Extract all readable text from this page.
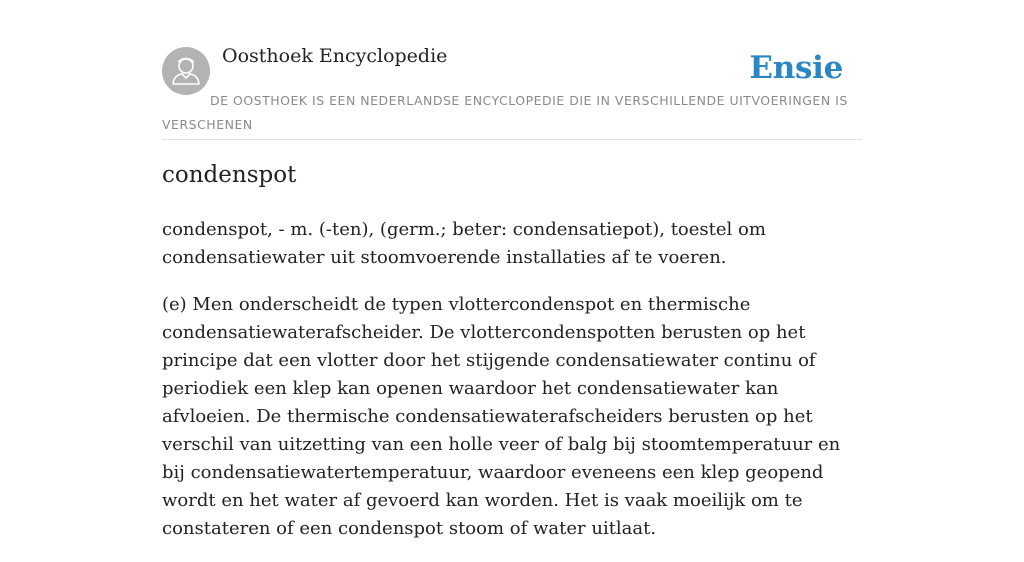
Oosthoek Encyclopedie	Ensie
DE OOSTHOEK IS EEN NEDERLANDSE ENCYCLOPEDIE DIE IN VERSCHILLENDE UITVOERINGEN IS VERSCHENEN
condenspot

condenspot, - m. (-ten), (germ.; beter: condensatiepot), toestel om condensatiewater uit stoomvoerende installaties af te voeren.

(e) Men onderscheidt de typen vlottercondenspot en thermische condensatiewaterafscheider. De vlottercondenspotten berusten op het principe dat een vlotter door het stijgende condensatiewater continu of periodiek een klep kan openen waardoor het condensatiewater kan afvloeien. De thermische condensatiewaterafscheiders berusten op het verschil van uitzetting van een holle veer of balg bij stoomtemperatuur en bij condensatiewatertemperatuur, waardoor eveneens een klep geopend wordt en het water af gevoerd kan worden. Het is vaak moeilijk om te constateren of een condenspot stoom of water uitlaat.
